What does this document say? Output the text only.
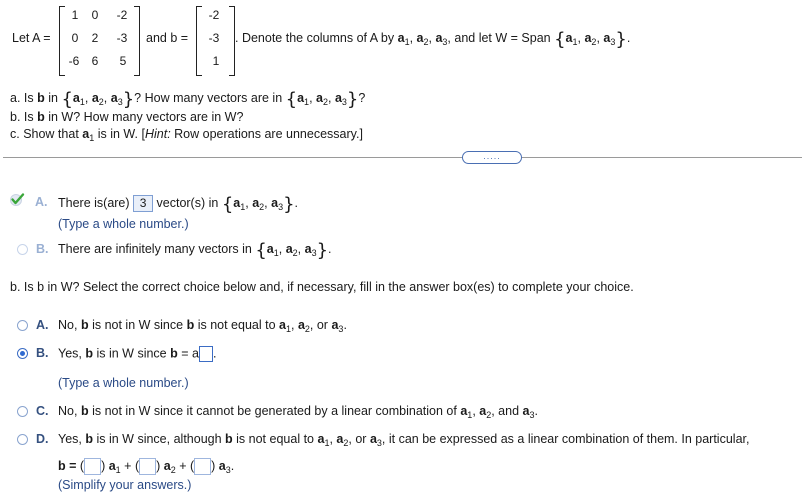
Let A =
1	0	-2
0	2	-3
-6	6	5
and b =
-2
-3
1
. Denote the columns of A by $a_1$, $a_2$, $a_3$, and let W = Span {$a_1$, $a_2$, $a_3$}.
a. Is b in {$a_1$, $a_2$, $a_3$}? How many vectors are in {$a_1$, $a_2$, $a_3$}?
b. Is b in W? How many vectors are in W?
c. Show that $a_1$ is in W. [Hint: Row operations are unnecessary.]
.....
A. There is(are) 3 vector(s) in {$a_1$, $a_2$, $a_3$}.
(Type a whole number.)
B. There are infinitely many vectors in {$a_1$, $a_2$, $a_3$}.
b. Is b in W? Select the correct choice below and, if necessary, fill in the answer box(es) to complete your choice.
A. No, b is not in W since b is not equal to $a_1$, $a_2$, or $a_3$.
B. Yes, b is in W since b = a .
(Type a whole number.)
C. No, b is not in W since it cannot be generated by a linear combination of $a_1$, $a_2$, and $a_3$.
D. Yes, b is in W since, although b is not equal to $a_1$, $a_2$, or $a_3$, it can be expressed as a linear combination of them. In particular,
b = ( ) $a_1$ + ( ) $a_2$ + ( ) $a_3$.
(Simplify your answers.)
